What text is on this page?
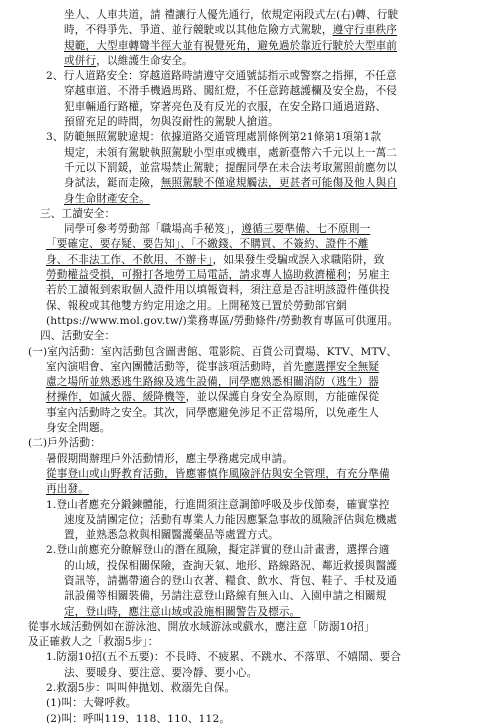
坐人、人車共道，請 禮讓行人優先通行，依規定兩段式左(右)轉、行駛
時，不得爭先、爭道、並行競駛或以其他危險方式駕駛，遵守行車秩序
規範，大型車轉彎半徑大並有視覺死角，避免過於靠近行駛於大型車前
或併行，以維護生命安全。
2、行人道路安全：穿越道路時請遵守交通號誌指示或警察之指揮，不任意
穿越車道、不滑手機過馬路、闖紅燈，不任意跨越護欄及安全島，不侵
犯車輛通行路權，穿著亮色及有反光的衣服，在安全路口通過道路、
預留充足的時間，勿與沒耐性的駕駛人搶道。
3、防範無照駕駛違規：依據道路交通管理處罰條例第21條第1項第1款
規定，未領有駕駛執照駕駛小型車或機車，處新臺幣六千元以上一萬二
千元以下罰鍰，並當場禁止駕駛；提醒同學在未合法考取駕照前應勿以
身試法，鋌而走險，無照駕駛不僅違規觸法，更甚者可能傷及他人與自
身生命財產安全。
三、工讀安全：
同學可參考勞動部「職場高手秘笈」，遵循三要準備、七不原則一
「要確定、要存疑、要告知」、「不繳錢、不購買、不簽約、證件不離
身、不非法工作、不飲用、不辦卡」，如果發生受騙或誤入求職陷阱，致
勞動權益受損，可撥打各地勞工局電話，請求專人協助救濟權利；另雇主
若於工讀報到索取個人證件用以填報資料，須注意是否註明該證件僅供投
保、報稅或其他雙方約定用途之用。上開秘笈已置於勞動部官網
(https://www.mol.gov.tw/)業務專區/勞動條件/勞動教育專區可供運用。
四、活動安全：
(一)室內活動：室內活動包含圖書館、電影院、百貨公司賣場、KTV、MTV、
室內演唱會、室內團體活動等，從事該項活動時，首先應選擇安全無疑
慮之場所並熟悉逃生路線及逃生設備，同學應熟悉相關消防（逃生）器
材操作，如滅火器、緩降機等，並以保護自身安全為原則，方能確保從
事室內活動時之安全。其次，同學應避免涉足不正當場所，以免產生人
身安全問題。
(二)戶外活動：
暑假期間辦理戶外活動情形，應主學務處完成申請。
從事登山或山野教育活動，皆應審慎作風險評估與安全管理，有充分準備
再出發。
1.登山者應充分鍛鍊體能，行進間須注意調節呼吸及步伐節奏，確實掌控
速度及請團定位；活動有專業人力能因應緊急事故的風險評估與危機處
置，並熟悉急救與相關醫護藥品等處置方式。
2.登山前應充分瞭解登山的潛在風險，擬定詳實的登山計畫書，選擇合適
的山域，投保相關保險，查詢天氣、地形、路線路況、鄰近救援與醫護
資訊等，請攜帶適合的登山衣著、糧食、飲水、背包、鞋子、手杖及通
訊設備等相關裝備，另請注意登山路線有無入山、入園申請之相關規
定，登山時，應注意山域或設施相關警告及標示。
從事水域活動例如在游泳池、開放水域游泳或戲水，應注意「防溺10招」
及正確救人之「救溺5步」：
1.防溺10招(五不五要)：不長時、不疲累、不跳水、不落單、不嬉鬧、要合
法、要暖身、要注意、要冷靜、要小心。
2.救溺5步：叫叫伸拋划、救溺先自保。
(1)叫：大聲呼救。
(2)叫：呼叫119、118、110、112。
